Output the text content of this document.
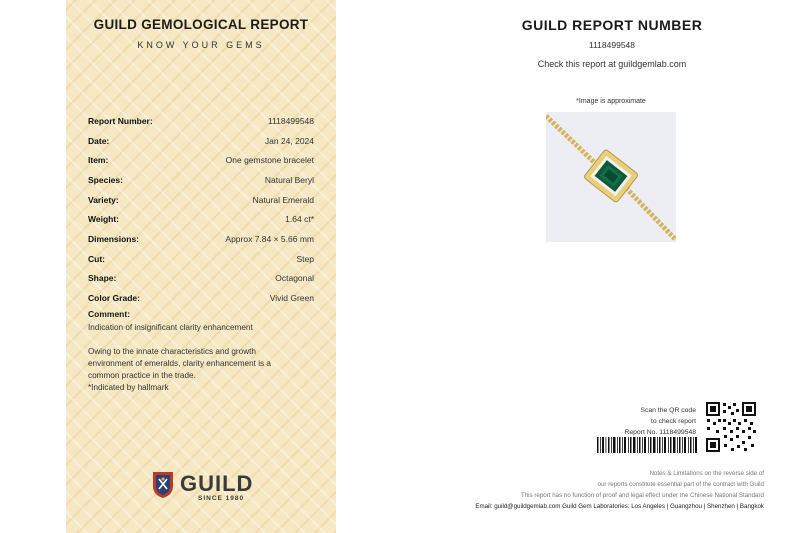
GUILD GEMOLOGICAL REPORT
KNOW YOUR GEMS
Report Number:	1118499548
Date:	Jan 24, 2024
Item:	One gemstone bracelet
Species:	Natural Beryl
Variety:	Natural Emerald
Weight:	1.64 ct*
Dimensions:	Approx 7.84 × 5.66 mm
Cut:	Step
Shape:	Octagonal
Color Grade:	Vivid Green
Comment:
Indication of insignificant clarity enhancement
Owing to the innate characteristics and growth
environment of emeralds, clarity enhancement is a
common practice in the trade.
*Indicated by hallmark
GUILD
SINCE 1980
GUILD REPORT NUMBER
1118499548
Check this report at guildgemlab.com
*Image is approximate
Scan the QR code
to check report
Report No. 1118499548
Notes & Limitations on the reverse side of
our reports constitute essential part of the contract with Guild
This report has no function of proof and legal effect under the Chinese National Standard
Email: guild@guildgemlab.com Guild Gem Laboratories: Los Angeles | Guangzhou | Shenzhen | Bangkok
